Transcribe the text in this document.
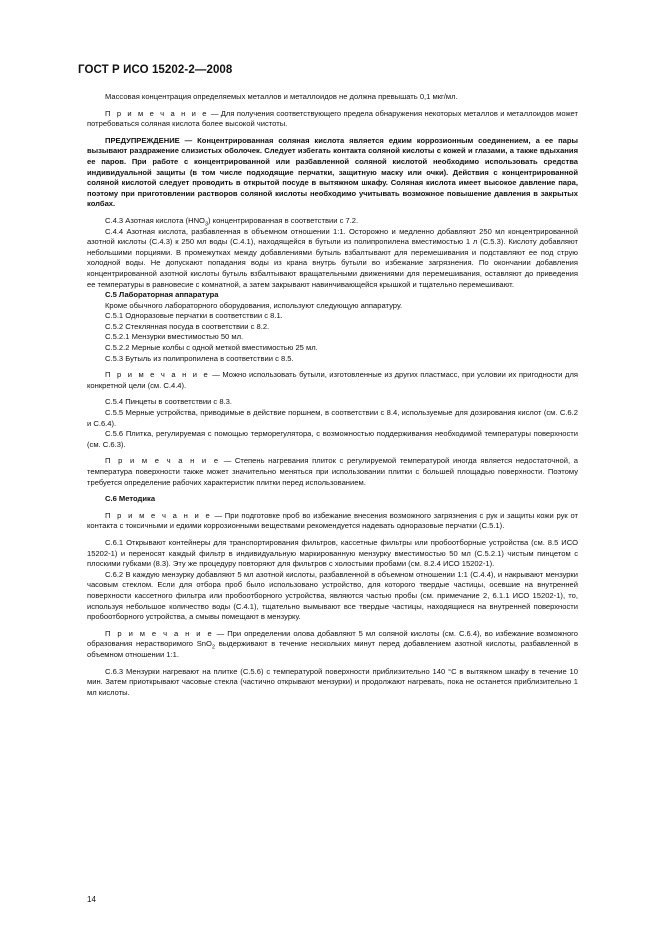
ГОСТ Р ИСО 15202-2—2008

Массовая концентрация определяемых металлов и металлоидов не должна превышать 0,1 мкг/мл.

П р и м е ч а н и е — Для получения соответствующего предела обнаружения некоторых металлов и металлоидов может потребоваться соляная кислота более высокой чистоты.

ПРЕДУПРЕЖДЕНИЕ — Концентрированная соляная кислота является едким коррозионным соединением, а ее пары вызывают раздражение слизистых оболочек. Следует избегать контакта соляной кислоты с кожей и глазами, а также вдыхания ее паров. При работе с концентрированной или разбавленной соляной кислотой необходимо использовать средства индивидуальной защиты (в том числе подходящие перчатки, защитную маску или очки). Действия с концентрированной соляной кислотой следует проводить в открытой посуде в вытяжном шкафу. Соляная кислота имеет высокое давление пара, поэтому при приготовлении растворов соляной кислоты необходимо учитывать возможное повышение давления в закрытых колбах.

С.4.3 Азотная кислота $(HNO_3)$ концентрированная в соответствии с 7.2.

С.4.4 Азотная кислота, разбавленная в объемном отношении 1:1. Осторожно и медленно добавляют 250 мл концентрированной азотной кислоты (С.4.3) к 250 мл воды (С.4.1), находящейся в бутыли из полипропилена вместимостью 1 л (С.5.3). Кислоту добавляют небольшими порциями. В промежутках между добавлениями бутыль взбалтывают для перемешивания и подставляют ее под струю холодной воды. Не допускают попадания воды из крана внутрь бутыли во избежание загрязнения. По окончании добавления концентрированной азотной кислоты бутыль взбалтывают вращательными движениями для перемешивания, оставляют до приведения ее температуры в равновесие с комнатной, а затем закрывают навинчивающейся крышкой и тщательно перемешивают.

С.5 Лабораторная аппаратура

Кроме обычного лабораторного оборудования, используют следующую аппаратуру.

С.5.1 Одноразовые перчатки в соответствии с 8.1.

С.5.2 Стеклянная посуда в соответствии с 8.2.

С.5.2.1 Мензурки вместимостью 50 мл.

С.5.2.2 Мерные колбы с одной меткой вместимостью 25 мл.

С.5.3 Бутыль из полипропилена в соответствии с 8.5.

П р и м е ч а н и е — Можно использовать бутыли, изготовленные из других пластмасс, при условии их пригодности для конкретной цели (см. С.4.4).

С.5.4 Пинцеты в соответствии с 8.3.

С.5.5 Мерные устройства, приводимые в действие поршнем, в соответствии с 8.4, используемые для дозирования кислот (см. С.6.2 и С.6.4).

С.5.6 Плитка, регулируемая с помощью терморегулятора, с возможностью поддерживания необходимой температуры поверхности (см. С.6.3).

П р и м е ч а н и е — Степень нагревания плиток с регулируемой температурой иногда является недостаточной, а температура поверхности также может значительно меняться при использовании плитки с большей площадью поверхности. Поэтому требуется определение рабочих характеристик плитки перед использованием.

С.6 Методика

П р и м е ч а н и е — При подготовке проб во избежание внесения возможного загрязнения с рук и защиты кожи рук от контакта с токсичными и едкими коррозионными веществами рекомендуется надевать одноразовые перчатки (С.5.1).

С.6.1 Открывают контейнеры для транспортирования фильтров, кассетные фильтры или пробоотборные устройства (см. 8.5 ИСО 15202-1) и переносят каждый фильтр в индивидуальную маркированную мензурку вместимостью 50 мл (С.5.2.1) чистым пинцетом с плоскими губками (8.3). Эту же процедуру повторяют для фильтров с холостыми пробами (см. 8.2.4 ИСО 15202-1).

С.6.2 В каждую мензурку добавляют 5 мл азотной кислоты, разбавленной в объемном отношении 1:1 (С.4.4), и накрывают мензурки часовым стеклом. Если для отбора проб было использовано устройство, для которого твердые частицы, осевшие на внутренней поверхности кассетного фильтра или пробоотборного устройства, являются частью пробы (см. примечание 2, 6.1.1 ИСО 15202-1), то, используя небольшое количество воды (С.4.1), тщательно вымывают все твердые частицы, находящиеся на внутренней поверхности пробоотборного устройства, а смывы помещают в мензурку.

П р и м е ч а н и е — При определении олова добавляют 5 мл соляной кислоты (см. С.6.4), во избежание возможного образования нерастворимого SnO$_2$ выдерживают в течение нескольких минут перед добавлением азотной кислоты, разбавленной в объемном отношении 1:1.

С.6.3 Мензурки нагревают на плитке (С.5.6) с температурой поверхности приблизительно 140 °С в вытяжном шкафу в течение 10 мин. Затем приоткрывают часовые стекла (частично открывают мензурки) и продолжают нагревать, пока не останется приблизительно 1 мл кислоты.

14
